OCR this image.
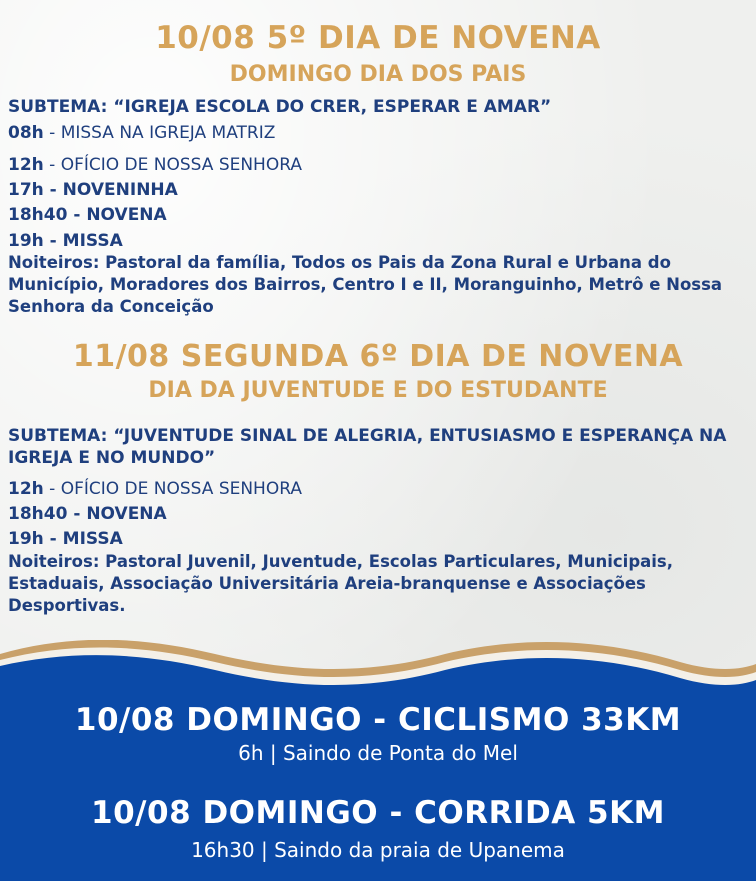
10/08 5º DIA DE NOVENA
DOMINGO DIA DOS PAIS
SUBTEMA: “IGREJA ESCOLA DO CRER, ESPERAR E AMAR”
08h - MISSA NA IGREJA MATRIZ
12h - OFÍCIO DE NOSSA SENHORA
17h - NOVENINHA
18h40 - NOVENA
19h - MISSA
Noiteiros: Pastoral da família, Todos os Pais da Zona Rural e Urbana do Município, Moradores dos Bairros, Centro I e II, Moranguinho, Metrô e Nossa Senhora da Conceição
11/08 SEGUNDA 6º DIA DE NOVENA
DIA DA JUVENTUDE E DO ESTUDANTE
SUBTEMA: “JUVENTUDE SINAL DE ALEGRIA, ENTUSIASMO E ESPERANÇA NA IGREJA E NO MUNDO”
12h - OFÍCIO DE NOSSA SENHORA
18h40 - NOVENA
19h - MISSA
Noiteiros: Pastoral Juvenil, Juventude, Escolas Particulares, Municipais, Estaduais, Associação Universitária Areia-branquense e Associações Desportivas.
10/08 DOMINGO - CICLISMO 33KM
6h | Saindo de Ponta do Mel
10/08 DOMINGO - CORRIDA 5KM
16h30 | Saindo da praia de Upanema
